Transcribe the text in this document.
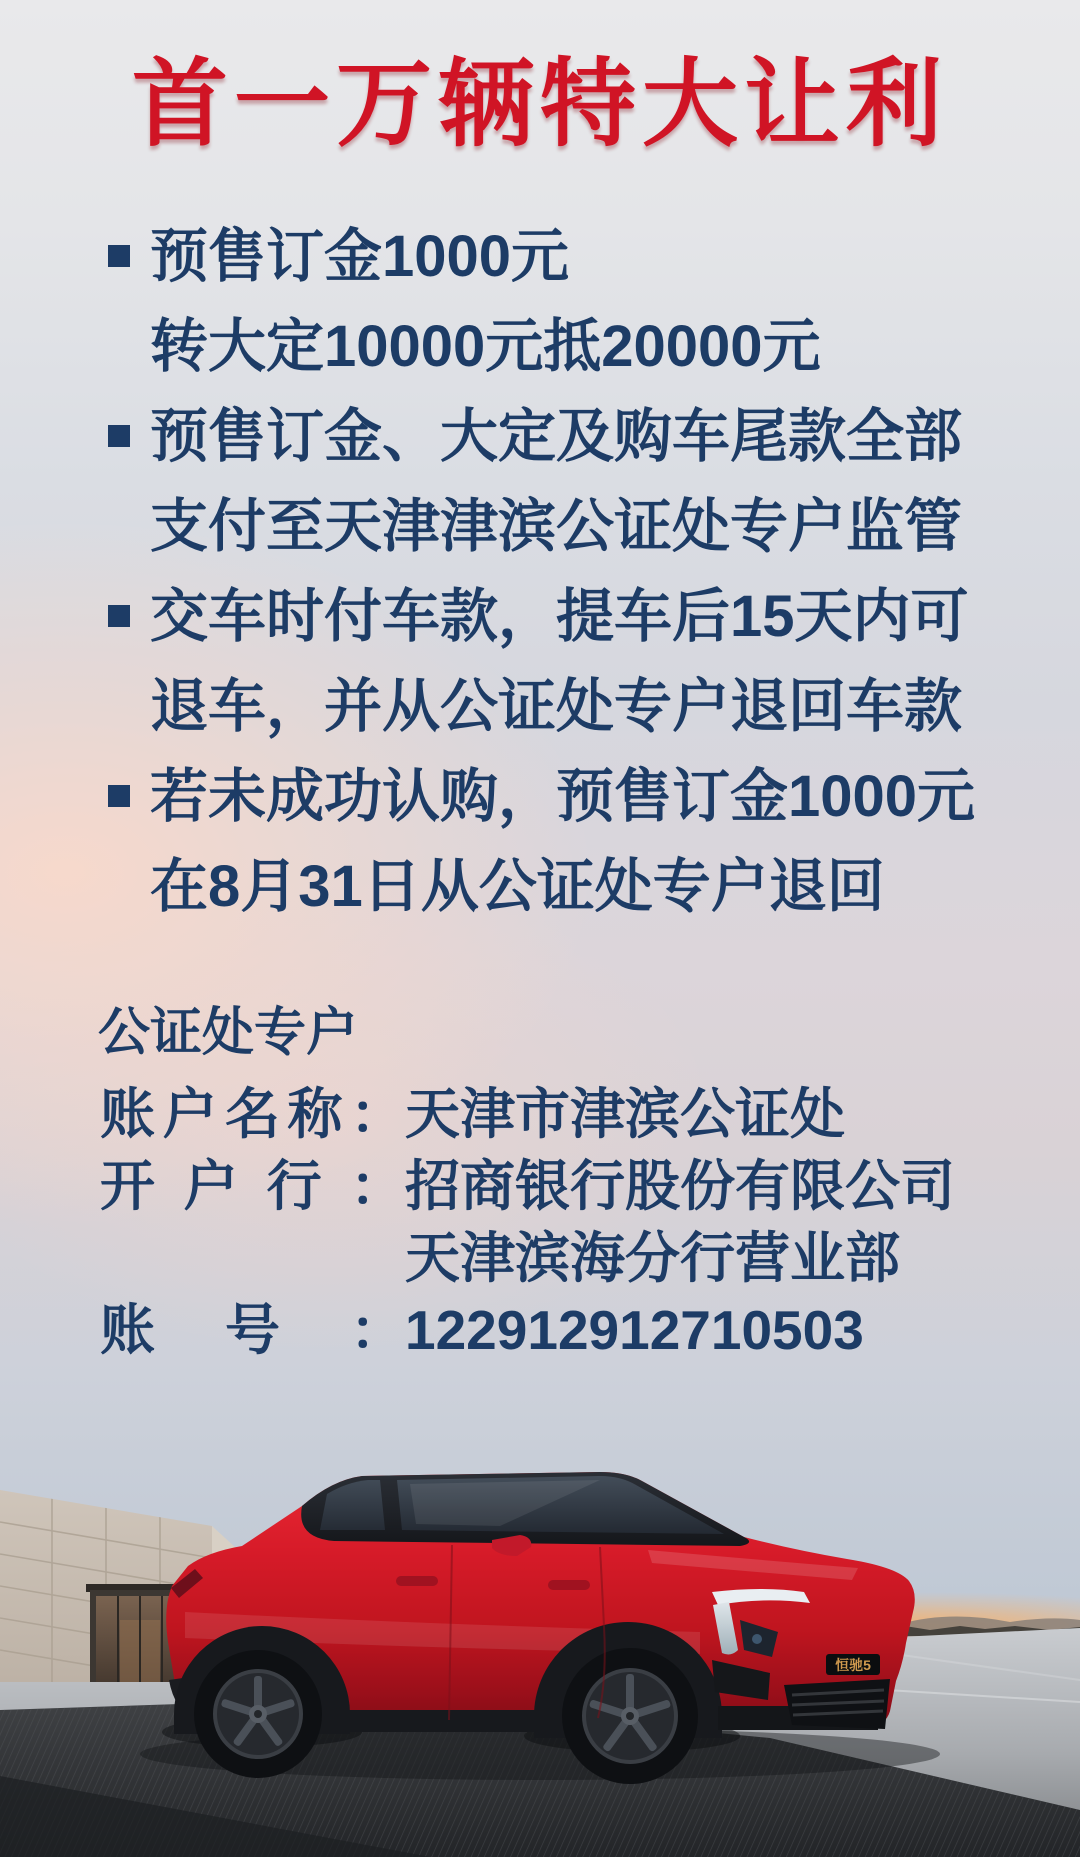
首一万辆特大让利
预售订金1000元
转大定10000元抵20000元
预售订金、大定及购车尾款全部
支付至天津津滨公证处专户监管
交车时付车款，提车后15天内可
退车，并从公证处专户退回车款
若未成功认购，预售订金1000元
在8月31日从公证处专户退回
公证处专户
账户名称：天津市津滨公证处
开户行：招商银行股份有限公司
天津滨海分行营业部
账号：122912912710503
恒驰5
